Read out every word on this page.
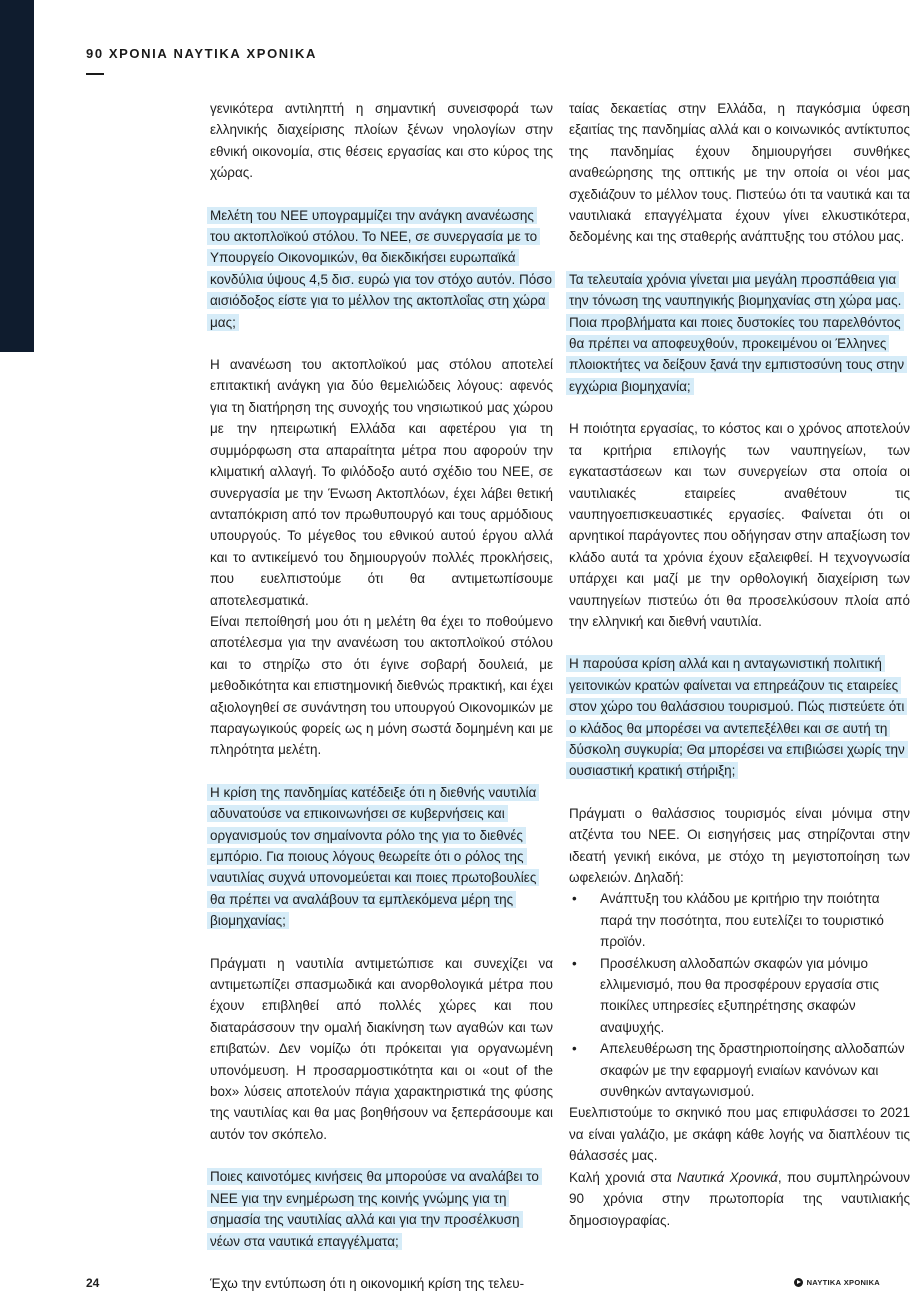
90 ΧΡΟΝΙΑ ΝΑΥΤΙΚΑ ΧΡΟΝΙΚΑ

γενικότερα αντιληπτή η σημαντική συνεισφορά των ελληνικής διαχείρισης πλοίων ξένων νηολογίων στην εθνική οικονομία, στις θέσεις εργασίας και στο κύρος της χώρας.

Μελέτη του ΝΕΕ υπογραμμίζει την ανάγκη ανανέωσης του ακτοπλοϊκού στόλου. Το ΝΕΕ, σε συνεργασία με το Υπουργείο Οικονομικών, θα διεκδικήσει ευρωπαϊκά κονδύλια ύψους 4,5 δισ. ευρώ για τον στόχο αυτόν. Πόσο αισιόδοξος είστε για το μέλλον της ακτοπλοΐας στη χώρα μας;

Η ανανέωση του ακτοπλοϊκού μας στόλου αποτελεί επιτακτική ανάγκη για δύο θεμελιώδεις λόγους: αφενός για τη διατήρηση της συνοχής του νησιωτικού μας χώρου με την ηπειρωτική Ελλάδα και αφετέρου για τη συμμόρφωση στα απαραίτητα μέτρα που αφορούν την κλιματική αλλαγή. Το φιλόδοξο αυτό σχέδιο του ΝΕΕ, σε συνεργασία με την Ένωση Ακτοπλόων, έχει λάβει θετική ανταπόκριση από τον πρωθυπουργό και τους αρμόδιους υπουργούς. Το μέγεθος του εθνικού αυτού έργου αλλά και το αντικείμενό του δημιουργούν πολλές προκλήσεις, που ευελπιστούμε ότι θα αντιμετωπίσουμε αποτελεσματικά.

Είναι πεποίθησή μου ότι η μελέτη θα έχει το ποθούμενο αποτέλεσμα για την ανανέωση του ακτοπλοϊκού στόλου και το στηρίζω στο ότι έγινε σοβαρή δουλειά, με μεθοδικότητα και επιστημονική διεθνώς πρακτική, και έχει αξιολογηθεί σε συνάντηση του υπουργού Οικονομικών με παραγωγικούς φορείς ως η μόνη σωστά δομημένη και με πληρότητα μελέτη.

Η κρίση της πανδημίας κατέδειξε ότι η διεθνής ναυτιλία αδυνατούσε να επικοινωνήσει σε κυβερνήσεις και οργανισμούς τον σημαίνοντα ρόλο της για το διεθνές εμπόριο. Για ποιους λόγους θεωρείτε ότι ο ρόλος της ναυτιλίας συχνά υπονομεύεται και ποιες πρωτοβουλίες θα πρέπει να αναλάβουν τα εμπλεκόμενα μέρη της βιομηχανίας;

Πράγματι η ναυτιλία αντιμετώπισε και συνεχίζει να αντιμετωπίζει σπασμωδικά και ανορθολογικά μέτρα που έχουν επιβληθεί από πολλές χώρες και που διαταράσσουν την ομαλή διακίνηση των αγαθών και των επιβατών. Δεν νομίζω ότι πρόκειται για οργανωμένη υπονόμευση. Η προσαρμοστικότητα και οι «out of the box» λύσεις αποτελούν πάγια χαρακτηριστικά της φύσης της ναυτιλίας και θα μας βοηθήσουν να ξεπεράσουμε και αυτόν τον σκόπελο.

Ποιες καινοτόμες κινήσεις θα μπορούσε να αναλάβει το ΝΕΕ για την ενημέρωση της κοινής γνώμης για τη σημασία της ναυτιλίας αλλά και για την προσέλκυση νέων στα ναυτικά επαγγέλματα;

Έχω την εντύπωση ότι η οικονομική κρίση της τελευ-

ταίας δεκαετίας στην Ελλάδα, η παγκόσμια ύφεση εξαιτίας της πανδημίας αλλά και ο κοινωνικός αντίκτυπος της πανδημίας έχουν δημιουργήσει συνθήκες αναθεώρησης της οπτικής με την οποία οι νέοι μας σχεδιάζουν το μέλλον τους. Πιστεύω ότι τα ναυτικά και τα ναυτιλιακά επαγγέλματα έχουν γίνει ελκυστικότερα, δεδομένης και της σταθερής ανάπτυξης του στόλου μας.

Τα τελευταία χρόνια γίνεται μια μεγάλη προσπάθεια για την τόνωση της ναυπηγικής βιομηχανίας στη χώρα μας. Ποια προβλήματα και ποιες δυστοκίες του παρελθόντος θα πρέπει να αποφευχθούν, προκειμένου οι Έλληνες πλοιοκτήτες να δείξουν ξανά την εμπιστοσύνη τους στην εγχώρια βιομηχανία;

Η ποιότητα εργασίας, το κόστος και ο χρόνος αποτελούν τα κριτήρια επιλογής των ναυπηγείων, των εγκαταστάσεων και των συνεργείων στα οποία οι ναυτιλιακές εταιρείες αναθέτουν τις ναυπηγοεπισκευαστικές εργασίες. Φαίνεται ότι οι αρνητικοί παράγοντες που οδήγησαν στην απαξίωση τον κλάδο αυτά τα χρόνια έχουν εξαλειφθεί. Η τεχνογνωσία υπάρχει και μαζί με την ορθολογική διαχείριση των ναυπηγείων πιστεύω ότι θα προσελκύσουν πλοία από την ελληνική και διεθνή ναυτιλία.

Η παρούσα κρίση αλλά και η ανταγωνιστική πολιτική γειτονικών κρατών φαίνεται να επηρεάζουν τις εταιρείες στον χώρο του θαλάσσιου τουρισμού. Πώς πιστεύετε ότι ο κλάδος θα μπορέσει να αντεπεξέλθει και σε αυτή τη δύσκολη συγκυρία; Θα μπορέσει να επιβιώσει χωρίς την ουσιαστική κρατική στήριξη;

Πράγματι ο θαλάσσιος τουρισμός είναι μόνιμα στην ατζέντα του ΝΕΕ. Οι εισηγήσεις μας στηρίζονται στην ιδεατή γενική εικόνα, με στόχο τη μεγιστοποίηση των ωφελειών. Δηλαδή:

• Ανάπτυξη του κλάδου με κριτήριο την ποιότητα παρά την ποσότητα, που ευτελίζει το τουριστικό προϊόν.
• Προσέλκυση αλλοδαπών σκαφών για μόνιμο ελλιμενισμό, που θα προσφέρουν εργασία στις ποικίλες υπηρεσίες εξυπηρέτησης σκαφών αναψυχής.
• Απελευθέρωση της δραστηριοποίησης αλλοδαπών σκαφών με την εφαρμογή ενιαίων κανόνων και συνθηκών ανταγωνισμού.

Ευελπιστούμε το σκηνικό που μας επιφυλάσσει το 2021 να είναι γαλάζιο, με σκάφη κάθε λογής να διαπλέουν τις θάλασσές μας.

Καλή χρονιά στα Ναυτικά Χρονικά, που συμπληρώνουν 90 χρόνια στην πρωτοπορία της ναυτιλιακής δημοσιογραφίας.

24	ΝΑΥΤΙΚΑ ΧΡΟΝΙΚΑ
